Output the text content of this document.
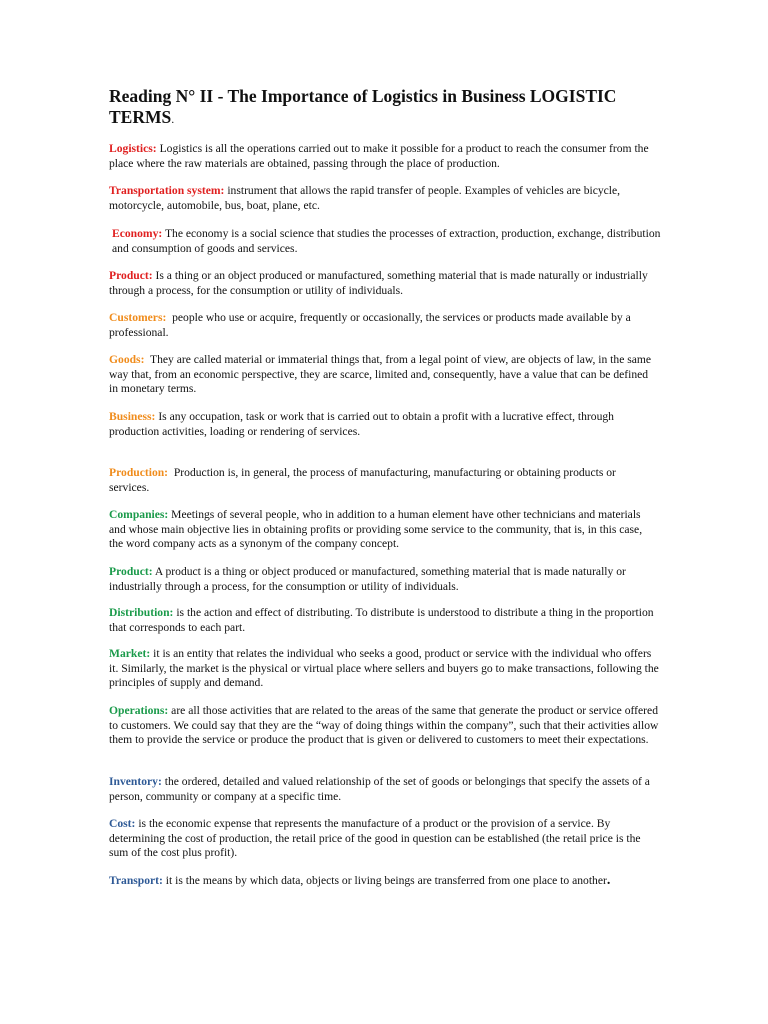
Reading N° II - The Importance of Logistics in Business LOGISTIC TERMS.

Logistics: Logistics is all the operations carried out to make it possible for a product to reach the consumer from the place where the raw materials are obtained, passing through the place of production.

Transportation system: instrument that allows the rapid transfer of people. Examples of vehicles are bicycle, motorcycle, automobile, bus, boat, plane, etc.

Economy: The economy is a social science that studies the processes of extraction, production, exchange, distribution and consumption of goods and services.

Product: Is a thing or an object produced or manufactured, something material that is made naturally or industrially through a process, for the consumption or utility of individuals.

Customers: people who use or acquire, frequently or occasionally, the services or products made available by a professional.

Goods: They are called material or immaterial things that, from a legal point of view, are objects of law, in the same way that, from an economic perspective, they are scarce, limited and, consequently, have a value that can be defined in monetary terms.

Business: Is any occupation, task or work that is carried out to obtain a profit with a lucrative effect, through production activities, loading or rendering of services.

Production: Production is, in general, the process of manufacturing, manufacturing or obtaining products or services.

Companies: Meetings of several people, who in addition to a human element have other technicians and materials and whose main objective lies in obtaining profits or providing some service to the community, that is, in this case, the word company acts as a synonym of the company concept.

Product: A product is a thing or object produced or manufactured, something material that is made naturally or industrially through a process, for the consumption or utility of individuals.

Distribution: is the action and effect of distributing. To distribute is understood to distribute a thing in the proportion that corresponds to each part.

Market: it is an entity that relates the individual who seeks a good, product or service with the individual who offers it. Similarly, the market is the physical or virtual place where sellers and buyers go to make transactions, following the principles of supply and demand.

Operations: are all those activities that are related to the areas of the same that generate the product or service offered to customers. We could say that they are the “way of doing things within the company”, such that their activities allow them to provide the service or produce the product that is given or delivered to customers to meet their expectations.

Inventory: the ordered, detailed and valued relationship of the set of goods or belongings that specify the assets of a person, community or company at a specific time.

Cost: is the economic expense that represents the manufacture of a product or the provision of a service. By determining the cost of production, the retail price of the good in question can be established (the retail price is the sum of the cost plus profit).

Transport: it is the means by which data, objects or living beings are transferred from one place to another.
